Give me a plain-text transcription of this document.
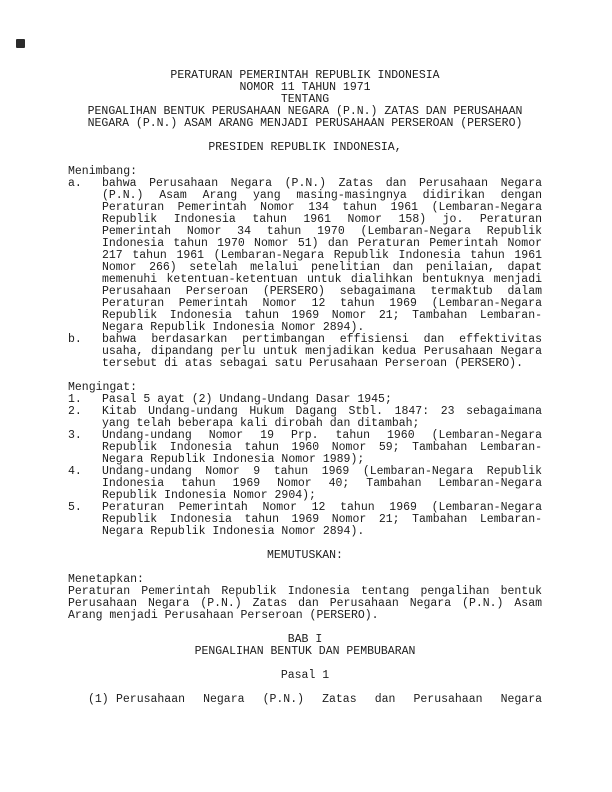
PERATURAN PEMERINTAH REPUBLIK INDONESIA
NOMOR 11 TAHUN 1971
TENTANG
PENGALIHAN BENTUK PERUSAHAAN NEGARA (P.N.) ZATAS DAN PERUSAHAAN
NEGARA (P.N.) ASAM ARANG MENJADI PERUSAHAAN PERSEROAN (PERSERO)
PRESIDEN REPUBLIK INDONESIA,
Menimbang:
a.	bahwa Perusahaan Negara (P.N.) Zatas dan Perusahaan Negara (P.N.) Asam Arang yang masing-masingnya didirikan dengan Peraturan Pemerintah Nomor 134 tahun 1961 (Lembaran-Negara Republik Indonesia tahun 1961 Nomor 158) jo. Peraturan Pemerintah Nomor 34 tahun 1970 (Lembaran-Negara Republik Indonesia tahun 1970 Nomor 51) dan Peraturan Pemerintah Nomor 217 tahun 1961 (Lembaran-Negara Republik Indonesia tahun 1961 Nomor 266) setelah melalui penelitian dan penilaian, dapat memenuhi ketentuan-ketentuan untuk dialihkan bentuknya menjadi Perusahaan Perseroan (PERSERO) sebagaimana termaktub dalam Peraturan Pemerintah Nomor 12 tahun 1969 (Lembaran-Negara Republik Indonesia tahun 1969 Nomor 21; Tambahan Lembaran-Negara Republik Indonesia Nomor 2894).
b.	bahwa berdasarkan pertimbangan effisiensi dan effektivitas usaha, dipandang perlu untuk menjadikan kedua Perusahaan Negara tersebut di atas sebagai satu Perusahaan Perseroan (PERSERO).
Mengingat:
1.	Pasal 5 ayat (2) Undang-Undang Dasar 1945;
2.	Kitab Undang-undang Hukum Dagang Stbl. 1847: 23 sebagaimana yang telah beberapa kali dirobah dan ditambah;
3.	Undang-undang Nomor 19 Prp. tahun 1960 (Lembaran-Negara Republik Indonesia tahun 1960 Nomor 59; Tambahan Lembaran-Negara Republik Indonesia Nomor 1989);
4.	Undang-undang Nomor 9 tahun 1969 (Lembaran-Negara Republik Indonesia tahun 1969 Nomor 40; Tambahan Lembaran-Negara Republik Indonesia Nomor 2904);
5.	Peraturan Pemerintah Nomor 12 tahun 1969 (Lembaran-Negara Republik Indonesia tahun 1969 Nomor 21; Tambahan Lembaran-Negara Republik Indonesia Nomor 2894).
MEMUTUSKAN:
Menetapkan:
Peraturan Pemerintah Republik Indonesia tentang pengalihan bentuk Perusahaan Negara (P.N.) Zatas dan Perusahaan Negara (P.N.) Asam Arang menjadi Perusahaan Perseroan (PERSERO).
BAB I
PENGALIHAN BENTUK DAN PEMBUBARAN
Pasal 1
(1) Perusahaan Negara (P.N.) Zatas dan Perusahaan Negara
